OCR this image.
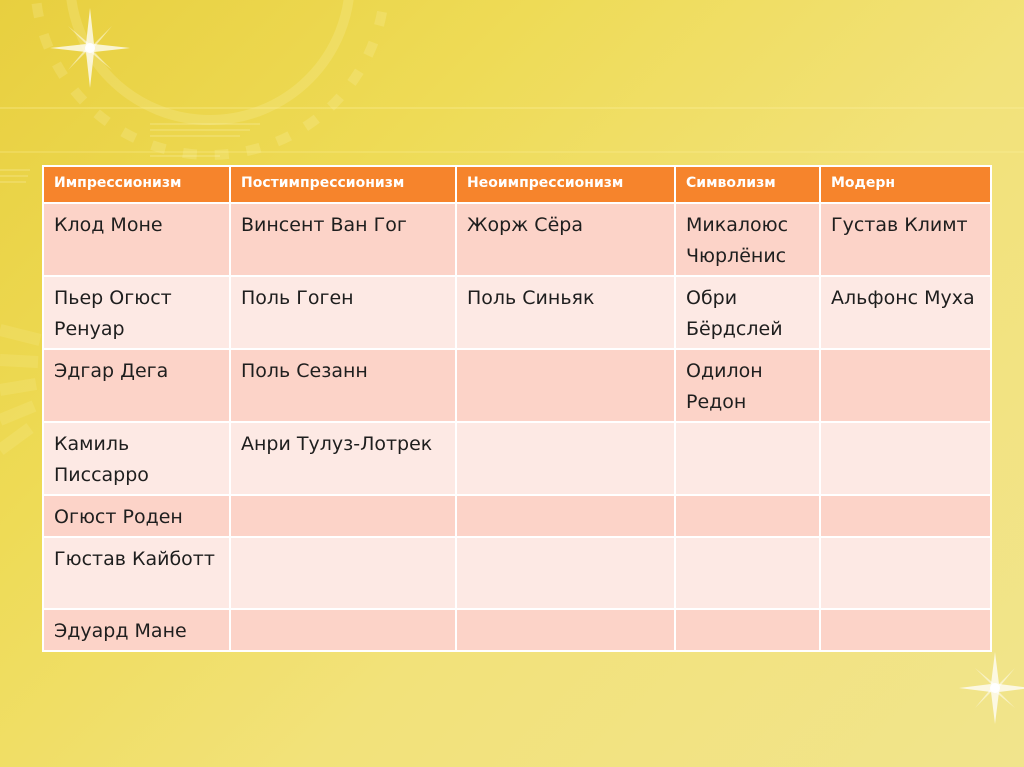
Импрессионизм	Постимпрессионизм	Неоимпрессионизм	Символизм	Модерн
Клод Моне	Винсент Ван Гог	Жорж Сёра	Микалоюс Чюрлёнис	Густав Климт
Пьер Огюст Ренуар	Поль Гоген	Поль Синьяк	Обри Бёрдслей	Альфонс Муха
Эдгар Дега	Поль Сезанн		Одилон Редон	
Камиль Писсарро	Анри Тулуз-Лотрек			
Огюст Роден				
Гюстав Кайботт				
Эдуард Мане				
